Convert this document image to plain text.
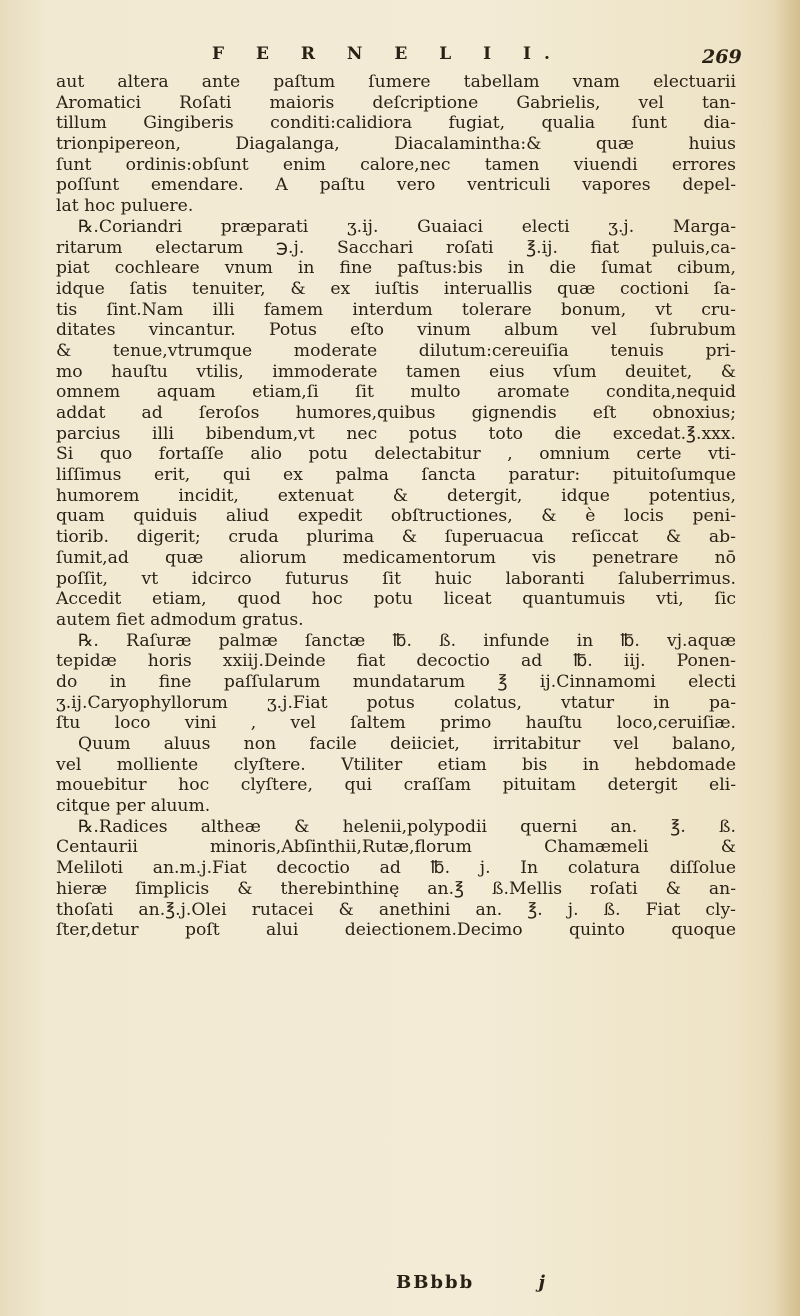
F E R N E L I I.	269
aut altera ante paſtum ſumere tabellam vnam electuarii
Aromatici Roſati maioris deſcriptione Gabrielis, vel tan-
tillum Gingiberis conditi:calidiora fugiat, qualia ſunt dia-
trionpipereon, Diagalanga, Diacalamintha:& quæ huius
ſunt ordinis:obſunt enim calore,nec tamen viuendi errores
poſſunt emendare. A paſtu vero ventriculi vapores depel-
lat hoc puluere.
℞.Coriandri præparati ʒ.ij. Guaiaci electi ʒ.j. Marga-
ritarum electarum ℈.j. Sacchari roſati ℥.ij. fiat puluis,ca-
piat cochleare vnum in fine paſtus:bis in die ſumat cibum,
idque ſatis tenuiter, & ex iuſtis interuallis quæ coctioni ſa-
tis ſint.Nam illi famem interdum tolerare bonum, vt cru-
ditates vincantur. Potus eſto vinum album vel ſubrubum
& tenue,vtrumque moderate dilutum:cereuiſia tenuis pri-
mo hauſtu vtilis, immoderate tamen eius vſum deuitet, &
omnem aquam etiam,ſi ſit multo aromate condita,nequid
addat ad ſeroſos humores,quibus gignendis eſt obnoxius;
parcius illi bibendum,vt nec potus toto die excedat.℥.xxx.
Si quo fortaſſe alio potu delectabitur , omnium certe vti-
liſſimus erit, qui ex palma ſancta paratur: pituitoſumque
humorem incidit, extenuat & detergit, idque potentius,
quam quiduis aliud expedit obſtructiones, & è locis peni-
tiorib. digerit; cruda plurima & ſuperuacua reſiccat & ab-
ſumit,ad quæ aliorum medicamentorum vis penetrare nō
poſſit, vt idcirco futurus ſit huic laboranti ſaluberrimus.
Accedit etiam, quod hoc potu liceat quantumuis vti, ſic
autem fiet admodum gratus.
℞. Raſuræ palmæ ſanctæ ℔. ß. infunde in ℔. vj.aquæ
tepidæ horis xxiij.Deinde fiat decoctio ad ℔. iij. Ponen-
do in fine paſſularum mundatarum ℥ ij.Cinnamomi electi
ʒ.ij.Caryophyllorum ʒ.j.Fiat potus colatus, vtatur in pa-
ſtu loco vini , vel ſaltem primo hauſtu loco,ceruiſiæ.
Quum aluus non facile deiiciet, irritabitur vel balano,
vel molliente clyſtere. Vtiliter etiam bis in hebdomade
mouebitur hoc clyſtere, qui craſſam pituitam detergit eli-
citque per aluum.
℞.Radices altheæ & helenii,polypodii querni an. ℥. ß.
Centaurii minoris,Abſinthii,Rutæ,florum Chamæmeli &
Meliloti an.m.j.Fiat decoctio ad ℔. j. In colatura diſſolue
hieræ ſimplicis & therebinthinę an.℥ ß.Mellis roſati & an-
thoſati an.℥.j.Olei rutacei & anethini an. ℥. j. ß. Fiat cly-
ſter,detur poſt alui deiectionem.Decimo quinto quoque
BBbbb	j
